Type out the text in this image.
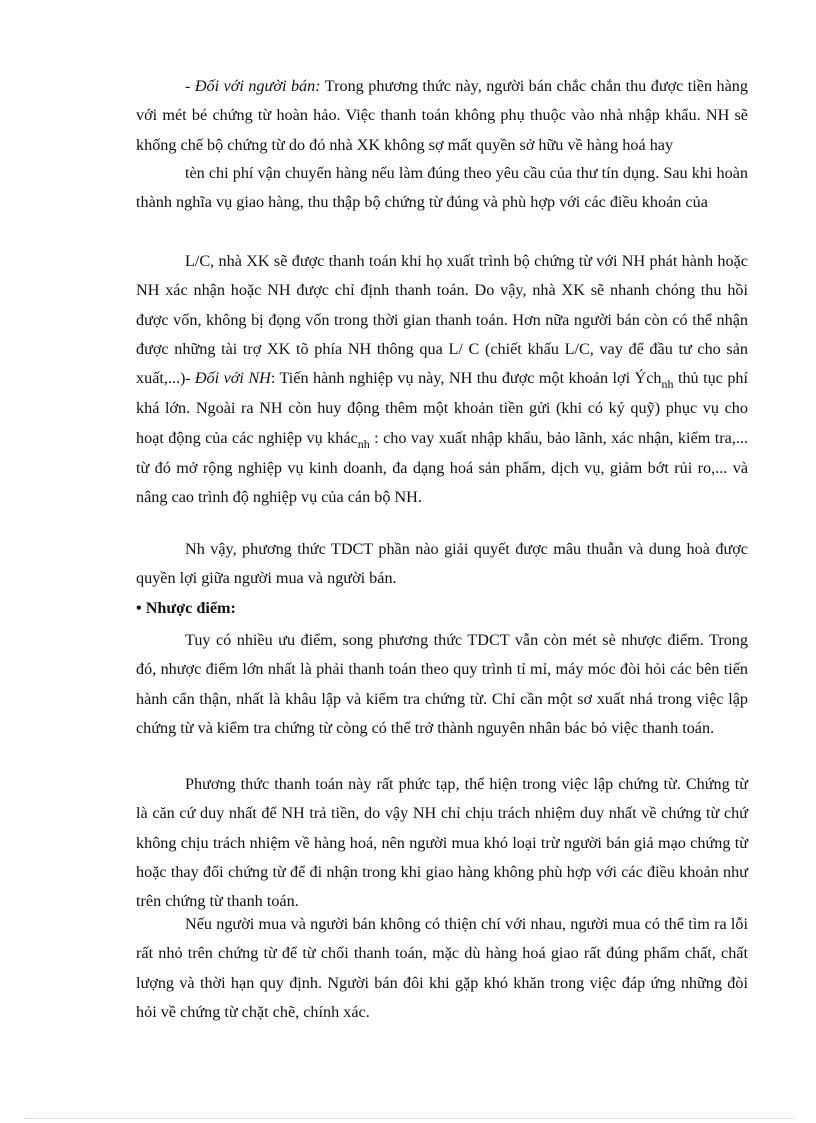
- Đối với người bán: Trong phương thức này, người bán chắc chắn thu được tiền hàng với mét bé chứng từ hoàn hảo. Việc thanh toán không phụ thuộc vào nhà nhập khẩu. NH sẽ khống chế bộ chứng từ do đó nhà XK không sợ mất quyền sở hữu về hàng hoá hay

tèn chi phí vận chuyển hàng nếu làm đúng theo yêu cầu của thư tín dụng. Sau khi hoàn thành nghĩa vụ giao hàng, thu thập bộ chứng từ đúng và phù hợp với các điều khoản của

L/C, nhà XK sẽ được thanh toán khi họ xuất trình bộ chứng từ với NH phát hành hoặc NH xác nhận hoặc NH được chỉ định thanh toán. Do vậy, nhà XK sẽ nhanh chóng thu hồi được vốn, không bị đọng vốn trong thời gian thanh toán. Hơn nữa người bán còn có thể nhận được những tài trợ XK tõ phía NH thông qua L/ C (chiết khấu L/C, vay để đầu tư cho sản xuất,...) - Đối với NH: Tiến hành nghiệp vụ này, NH thu được một khoản lợi Ých$_{nh}$ thủ tục phí khá lớn. Ngoài ra NH còn huy động thêm một khoản tiền gửi (khi có ký quỹ) phục vụ cho hoạt động của các nghiệp vụ khác$_{nh}$ : cho vay xuất nhập khẩu, bảo lãnh, xác nhận, kiểm tra,... từ đó mở rộng nghiệp vụ kinh doanh, đa dạng hoá sản phẩm, dịch vụ, giảm bớt rủi ro,... và nâng cao trình độ nghiệp vụ của cán bộ NH.

Nh vậy, phương thức TDCT phần nào giải quyết được mâu thuẫn và dung hoà được quyền lợi giữa người mua và người bán.

• Nhược điểm:

Tuy có nhiều ưu điểm, song phương thức TDCT vẫn còn mét sè nhược điểm. Trong đó, nhược điểm lớn nhất là phải thanh toán theo quy trình tỉ mỉ, máy móc đòi hỏi các bên tiến hành cẩn thận, nhất là khâu lập và kiểm tra chứng từ. Chỉ cần một sơ xuất nhá trong việc lập chứng từ và kiểm tra chứng từ còng có thể trở thành nguyên nhân bác bỏ việc thanh toán.

Phương thức thanh toán này rất phức tạp, thể hiện trong việc lập chứng từ. Chứng từ là căn cứ duy nhất để NH trả tiền, do vậy NH chỉ chịu trách nhiệm duy nhất về chứng từ chứ không chịu trách nhiệm về hàng hoá, nên người mua khó loại trừ người bán giả mạo chứng từ hoặc thay đổi chứng từ để đi nhận trong khi giao hàng không phù hợp với các điều khoản như trên chứng từ thanh toán.

Nếu người mua và người bán không có thiện chí với nhau, người mua có thể tìm ra lỗi rất nhỏ trên chứng từ để từ chối thanh toán, mặc dù hàng hoá giao rất đúng phẩm chất, chất lượng và thời hạn quy định. Người bán đôi khi gặp khó khăn trong việc đáp ứng những đòi hỏi về chứng từ chặt chẽ, chính xác.
